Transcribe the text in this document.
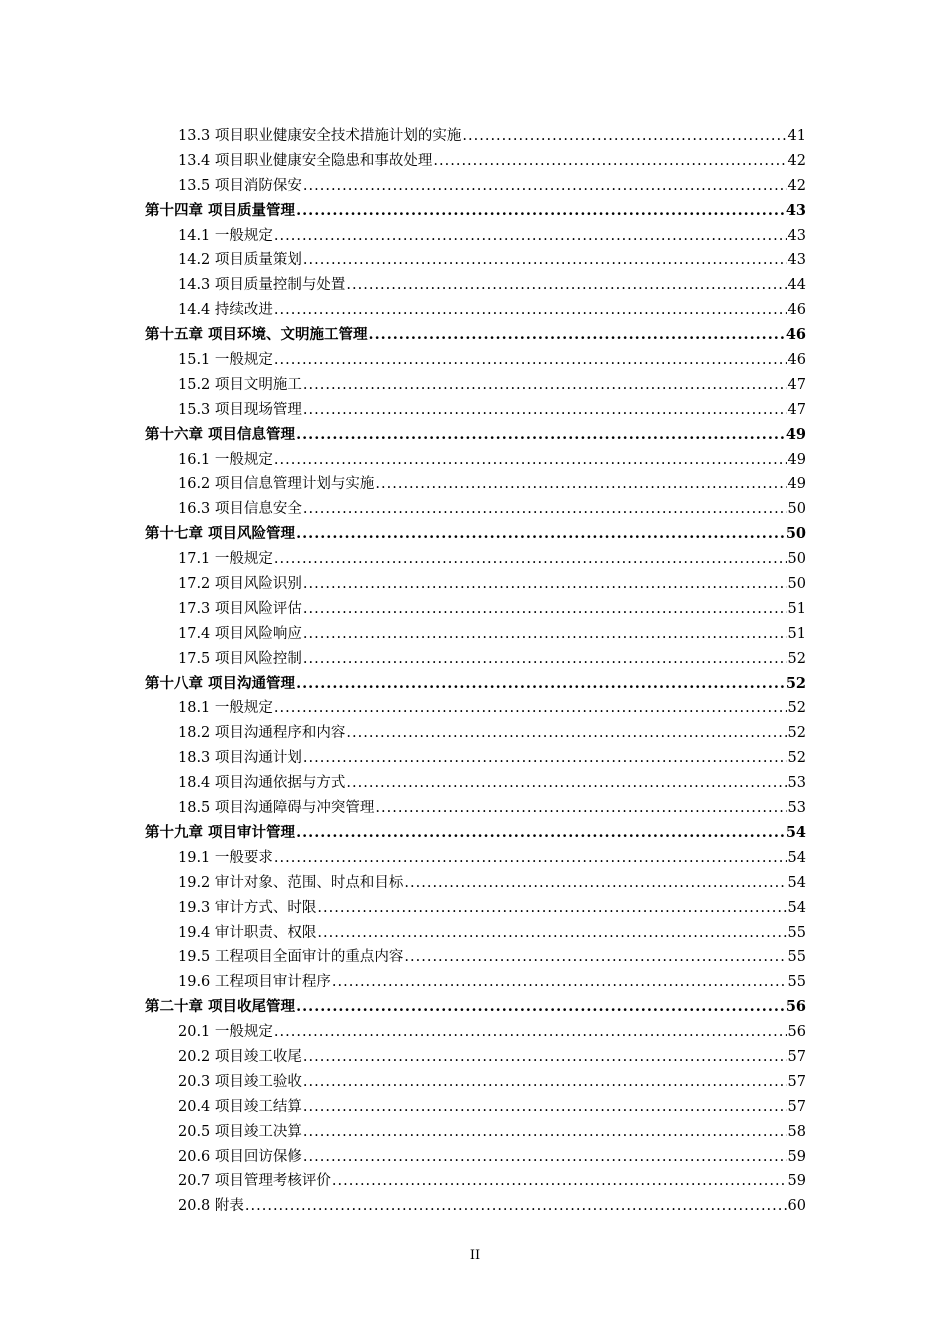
13.3 项目职业健康安全技术措施计划的实施 .....	41
13.4 项目职业健康安全隐患和事故处理 .....	42
13.5 项目消防保安 .....	42
第十四章 项目质量管理 .....	43
14.1 一般规定 .....	43
14.2 项目质量策划 .....	43
14.3 项目质量控制与处置 .....	44
14.4 持续改进 .....	46
第十五章 项目环境、文明施工管理 .....	46
15.1 一般规定 .....	46
15.2 项目文明施工 .....	47
15.3 项目现场管理 .....	47
第十六章 项目信息管理 .....	49
16.1 一般规定 .....	49
16.2 项目信息管理计划与实施 .....	49
16.3 项目信息安全 .....	50
第十七章 项目风险管理 .....	50
17.1 一般规定 .....	50
17.2 项目风险识别 .....	50
17.3 项目风险评估 .....	51
17.4 项目风险响应 .....	51
17.5 项目风险控制 .....	52
第十八章 项目沟通管理 .....	52
18.1 一般规定 .....	52
18.2 项目沟通程序和内容 .....	52
18.3 项目沟通计划 .....	52
18.4 项目沟通依据与方式 .....	53
18.5 项目沟通障碍与冲突管理 .....	53
第十九章 项目审计管理 .....	54
19.1 一般要求 .....	54
19.2 审计对象、范围、时点和目标 .....	54
19.3 审计方式、时限 .....	54
19.4 审计职责、权限 .....	55
19.5 工程项目全面审计的重点内容 .....	55
19.6 工程项目审计程序 .....	55
第二十章 项目收尾管理 .....	56
20.1 一般规定 .....	56
20.2 项目竣工收尾 .....	57
20.3 项目竣工验收 .....	57
20.4 项目竣工结算 .....	57
20.5 项目竣工决算 .....	58
20.6 项目回访保修 .....	59
20.7 项目管理考核评价 .....	59
20.8 附表 .....	60
II
